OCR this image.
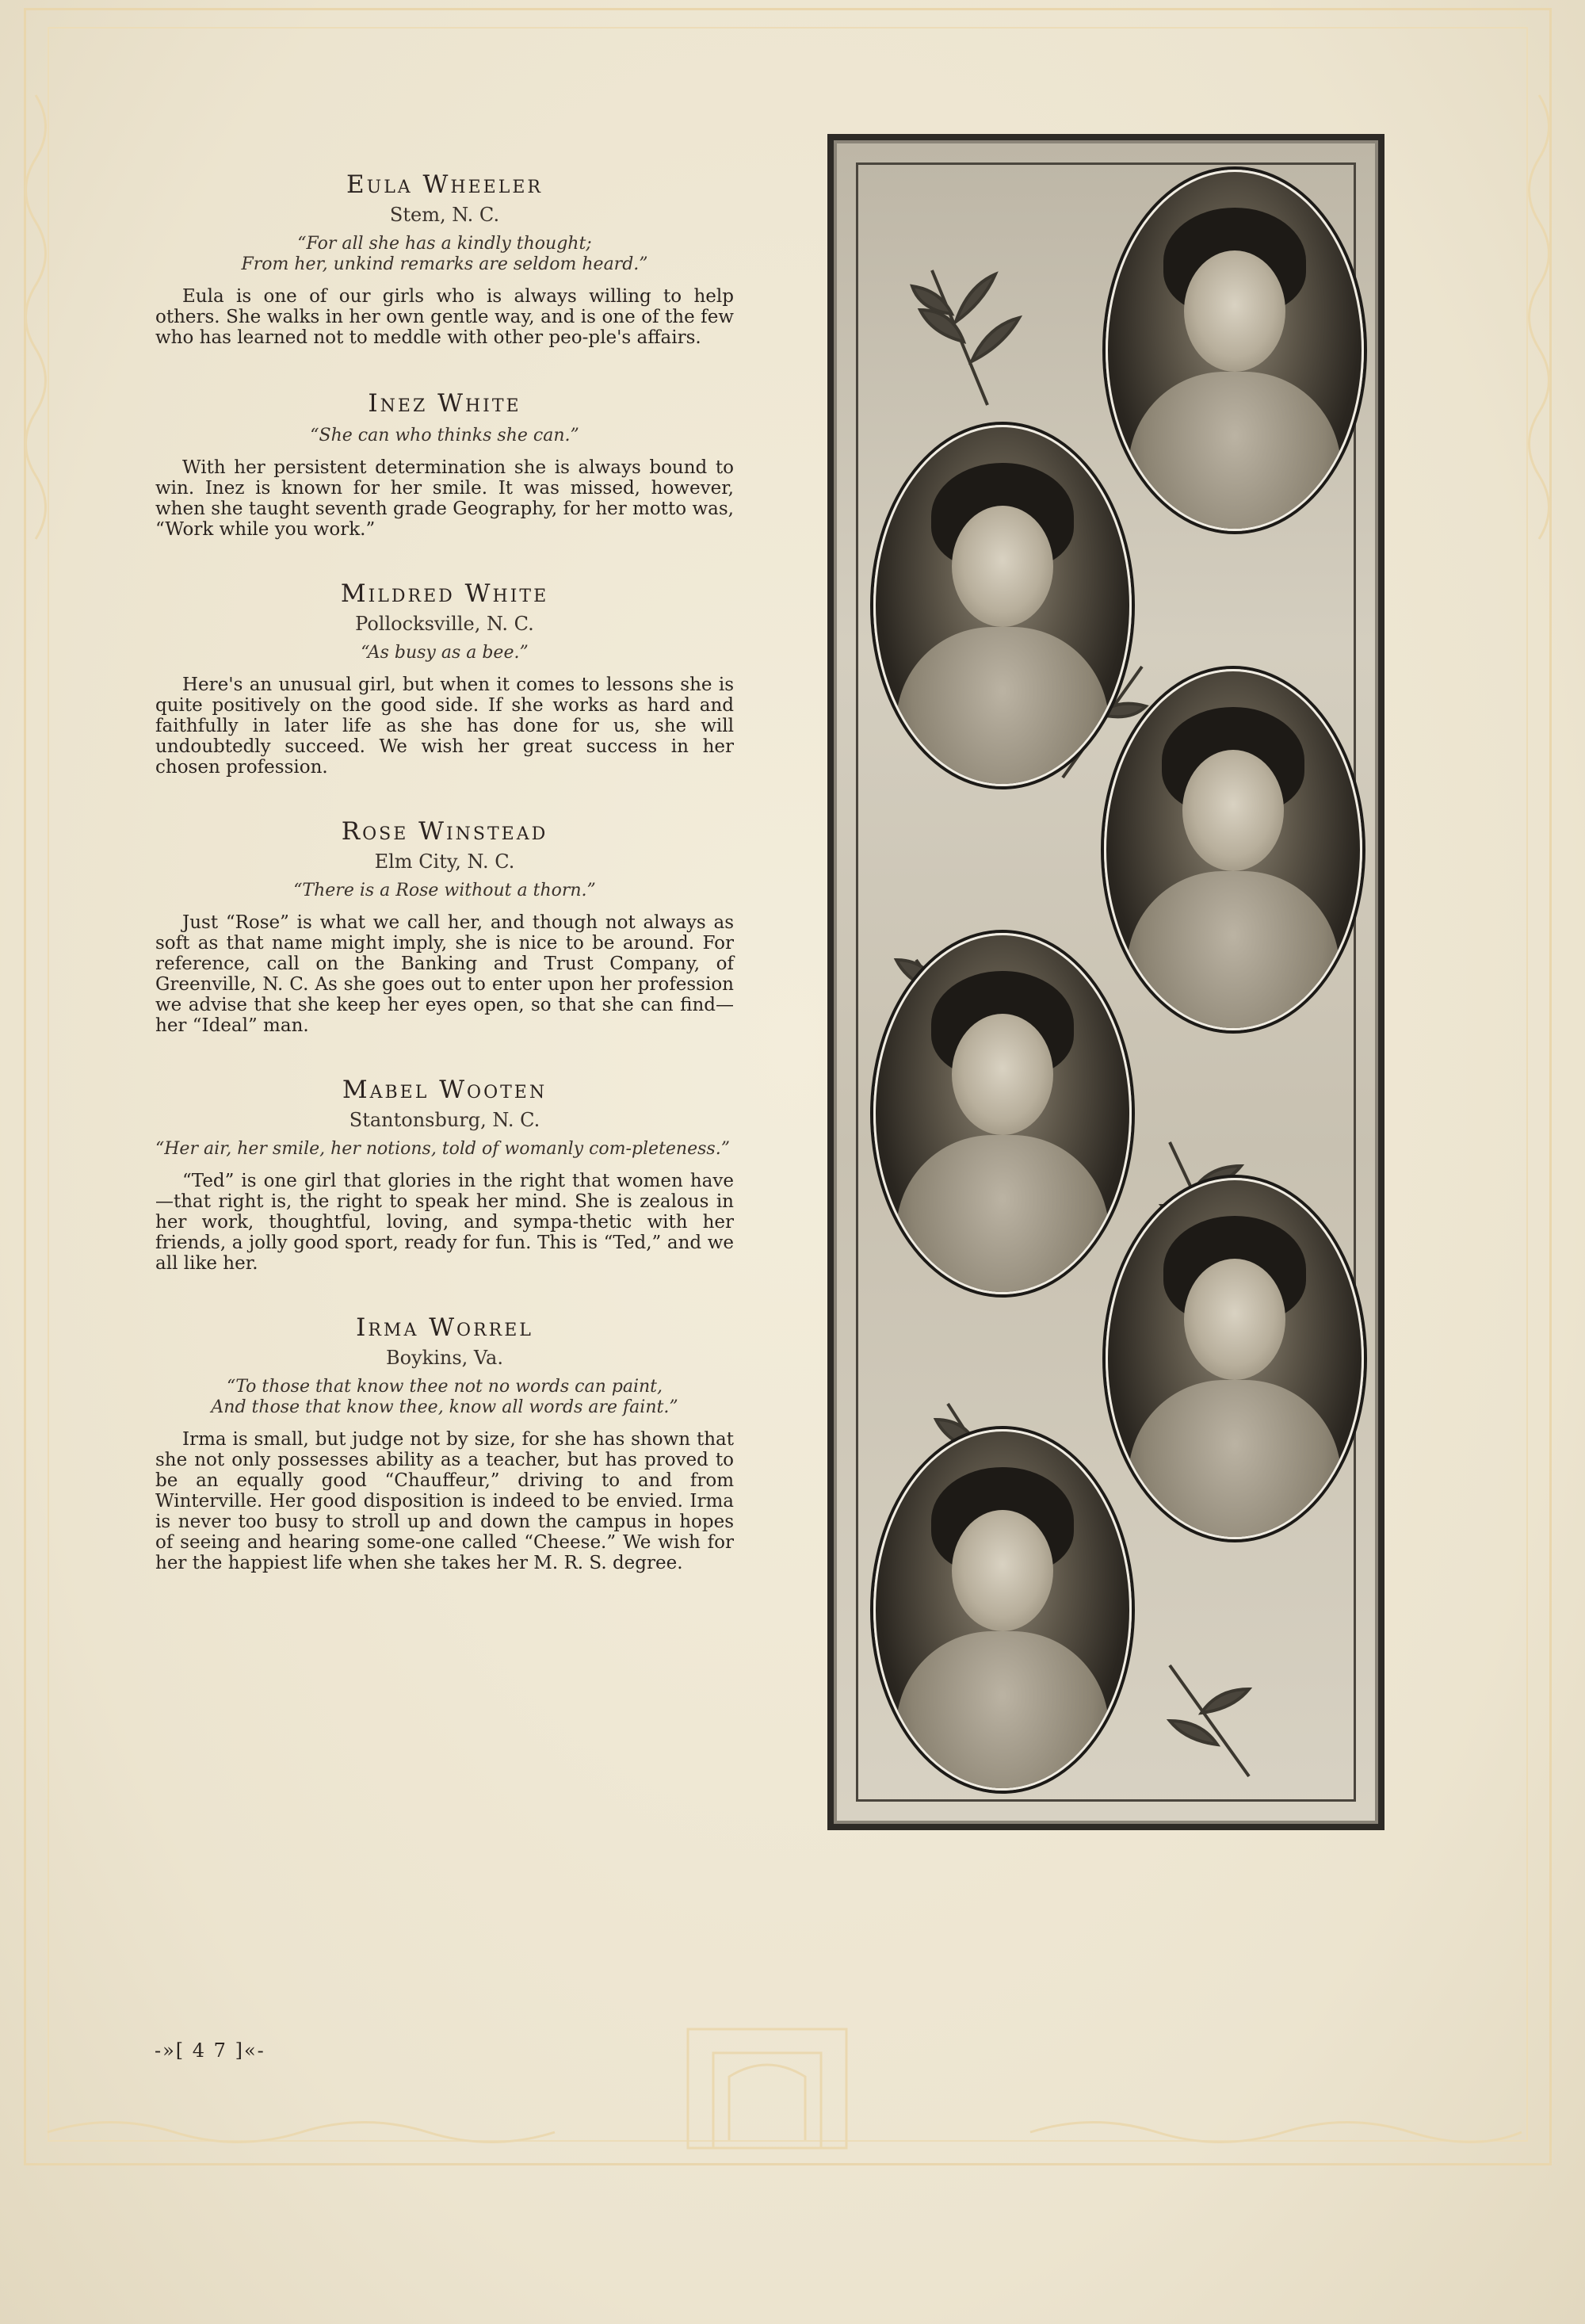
Eula Wheeler

Stem, N. C.

“For all she has a kindly thought;
From her, unkind remarks are seldom heard.”

Eula is one of our girls who is always willing to help others. She walks in her own gentle way, and is one of the few who has learned not to meddle with other peo-ple's affairs.

Inez White

“She can who thinks she can.”

With her persistent determination she is always bound to win. Inez is known for her smile. It was missed, however, when she taught seventh grade Geography, for her motto was, “Work while you work.”

Mildred White

Pollocksville, N. C.

“As busy as a bee.”

Here's an unusual girl, but when it comes to lessons she is quite positively on the good side. If she works as hard and faithfully in later life as she has done for us, she will undoubtedly succeed. We wish her great success in her chosen profession.

Rose Winstead

Elm City, N. C.

“There is a Rose without a thorn.”

Just “Rose” is what we call her, and though not always as soft as that name might imply, she is nice to be around. For reference, call on the Banking and Trust Company, of Greenville, N. C. As she goes out to enter upon her profession we advise that she keep her eyes open, so that she can find—her “Ideal” man.

Mabel Wooten

Stantonsburg, N. C.

“Her air, her smile, her notions, told of womanly com-pleteness.”

“Ted” is one girl that glories in the right that women have—that right is, the right to speak her mind. She is zealous in her work, thoughtful, loving, and sympa-thetic with her friends, a jolly good sport, ready for fun. This is “Ted,” and we all like her.

Irma Worrel

Boykins, Va.

“To those that know thee not no words can paint,
And those that know thee, know all words are faint.”

Irma is small, but judge not by size, for she has shown that she not only possesses ability as a teacher, but has proved to be an equally good “Chauffeur,” driving to and from Winterville. Her good disposition is indeed to be envied. Irma is never too busy to stroll up and down the campus in hopes of seeing and hearing some-one called “Cheese.” We wish for her the happiest life when she takes her M. R. S. degree.

-»[ 4 7 ]«-
